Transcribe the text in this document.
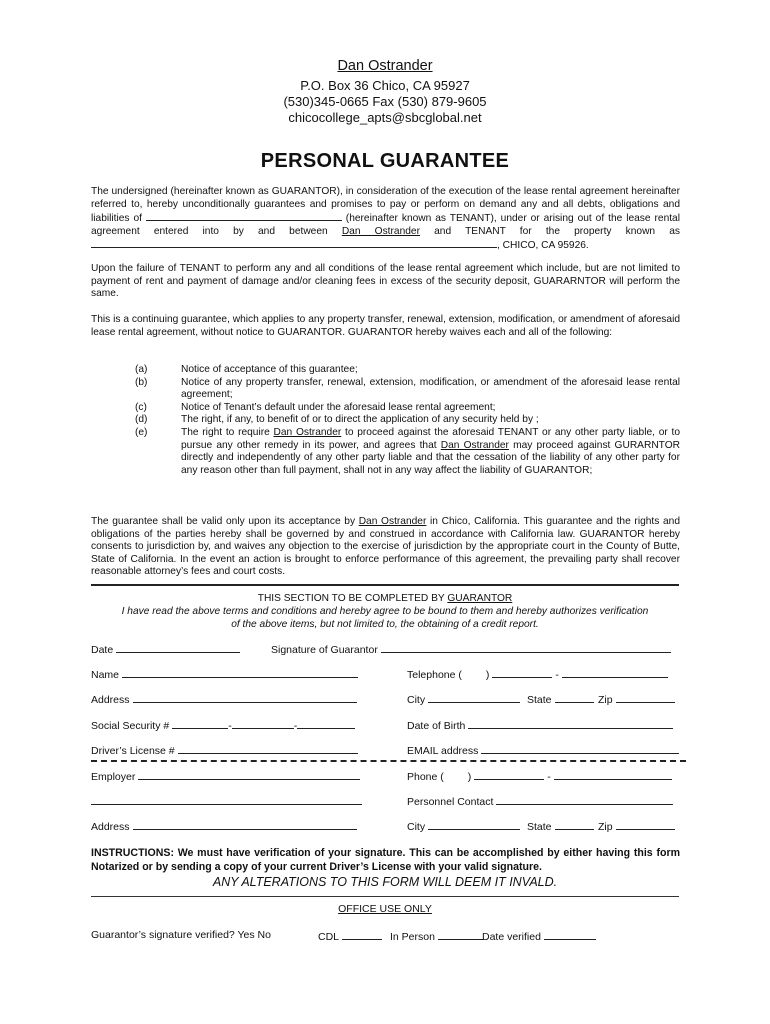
Dan Ostrander
P.O. Box 36 Chico, CA 95927
(530)345-0665 Fax (530) 879-9605
chicocollege_apts@sbcglobal.net
PERSONAL GUARANTEE
The undersigned (hereinafter known as GUARANTOR), in consideration of the execution of the lease rental agreement hereinafter referred to, hereby unconditionally guarantees and promises to pay or perform on demand any and all debts, obligations and liabilities of	(hereinafter known as TENANT), under or arising out of the lease rental agreement entered into by and between Dan Ostrander and TENANT for the property known as , CHICO, CA 95926.
Upon the failure of TENANT to perform any and all conditions of the lease rental agreement which include, but are not limited to payment of rent and payment of damage and/or cleaning fees in excess of the security deposit, GUARARNTOR will perform the same.
This is a continuing guarantee, which applies to any property transfer, renewal, extension, modification, or amendment of aforesaid lease rental agreement, without notice to GUARANTOR. GUARANTOR hereby waives each and all of the following:
(a)	Notice of acceptance of this guarantee;
(b)	Notice of any property transfer, renewal, extension, modification, or amendment of the aforesaid lease rental agreement;
(c)	Notice of Tenant’s default under the aforesaid lease rental agreement;
(d)	The right, if any, to benefit of or to direct the application of any security held by ;
(e)	The right to require Dan Ostrander to proceed against the aforesaid TENANT or any other party liable, or to pursue any other remedy in its power, and agrees that Dan Ostrander may proceed against GURARNTOR directly and independently of any other party liable and that the cessation of the liability of any other party for any reason other than full payment, shall not in any way affect the liability of GUARANTOR;
The guarantee shall be valid only upon its acceptance by Dan Ostrander in Chico, California. This guarantee and the rights and obligations of the parties hereby shall be governed by and construed in accordance with California law. GUARANTOR hereby consents to jurisdiction by, and waives any objection to the exercise of jurisdiction by the appropriate court in the County of Butte, State of California. In the event an action is brought to enforce performance of this agreement, the prevailing party shall recover reasonable attorney’s fees and court costs.
THIS SECTION TO BE COMPLETED BY GUARANTOR
I have read the above terms and conditions and hereby agree to be bound to them and hereby authorizes verification
of the above items, but not limited to, the obtaining of a credit report.
Date	Signature of Guarantor
Name	Telephone ( )	-
Address	City	State	Zip
Social Security #	-	-	Date of Birth
Driver’s License #	EMAIL address
Employer	Phone ( )	-
Personnel Contact
Address	City	State	Zip
INSTRUCTIONS: We must have verification of your signature. This can be accomplished by either having this form Notarized or by sending a copy of your current Driver’s License with your valid signature.
ANY ALTERATIONS TO THIS FORM WILL DEEM IT INVALD.
OFFICE USE ONLY
Guarantor’s signature verified? Yes No	CDL	In Person	Date verified
